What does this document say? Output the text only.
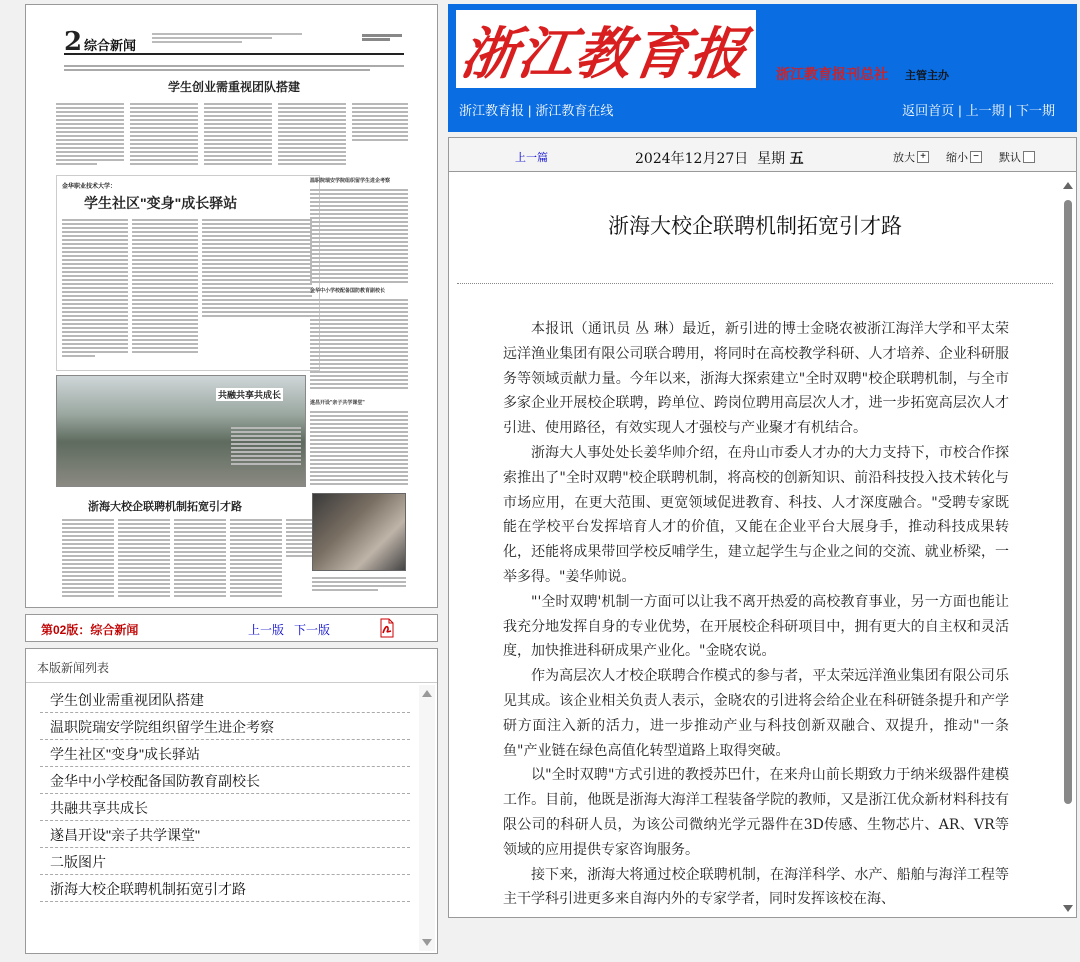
2 综合新闻
学生创业需重视团队搭建
金华职业技术大学：
学生社区"变身"成长驿站
温职院瑞安学院组织留学生进企考察
金华中小学校配备国防教育副校长
遂昌开设"亲子共学课堂"
共融共享共成长
浙海大校企联聘机制拓宽引才路
第02版：综合新闻	上一版 下一版
本版新闻列表
学生创业需重视团队搭建
温职院瑞安学院组织留学生进企考察
学生社区"变身"成长驿站
金华中小学校配备国防教育副校长
共融共享共成长
遂昌开设"亲子共学课堂"
二版图片
浙海大校企联聘机制拓宽引才路
浙江教育报 浙江教育报刊总社 主管主办
浙江教育报 | 浙江教育在线	返回首页 | 上一期 | 下一期
上一篇	2024年12月27日  星期 五	放大 + 缩小 − 默认
浙海大校企联聘机制拓宽引才路

本报讯（通讯员 丛 琳）最近，新引进的博士金晓农被浙江海洋大学和平太荣远洋渔业集团有限公司联合聘用，将同时在高校教学科研、人才培养、企业科研服务等领域贡献力量。今年以来，浙海大探索建立"全时双聘"校企联聘机制，与全市多家企业开展校企联聘，跨单位、跨岗位聘用高层次人才，进一步拓宽高层次人才引进、使用路径，有效实现人才强校与产业聚才有机结合。

浙海大人事处处长姜华帅介绍，在舟山市委人才办的大力支持下，市校合作探索推出了"全时双聘"校企联聘机制，将高校的创新知识、前沿科技投入技术转化与市场应用，在更大范围、更宽领域促进教育、科技、人才深度融合。"受聘专家既能在学校平台发挥培育人才的价值，又能在企业平台大展身手，推动科技成果转化，还能将成果带回学校反哺学生，建立起学生与企业之间的交流、就业桥梁，一举多得。"姜华帅说。

"'全时双聘'机制一方面可以让我不离开热爱的高校教育事业，另一方面也能让我充分地发挥自身的专业优势，在开展校企科研项目中，拥有更大的自主权和灵活度，加快推进科研成果产业化。"金晓农说。

作为高层次人才校企联聘合作模式的参与者，平太荣远洋渔业集团有限公司乐见其成。该企业相关负责人表示，金晓农的引进将会给企业在科研链条提升和产学研方面注入新的活力，进一步推动产业与科技创新双融合、双提升，推动"一条鱼"产业链在绿色高值化转型道路上取得突破。

以"全时双聘"方式引进的教授苏巴什，在来舟山前长期致力于纳米级器件建模工作。目前，他既是浙海大海洋工程装备学院的教师，又是浙江优众新材料科技有限公司的科研人员，为该公司微纳光学元器件在3D传感、生物芯片、AR、VR等领域的应用提供专家咨询服务。

接下来，浙海大将通过校企联聘机制，在海洋科学、水产、船舶与海洋工程等主干学科引进更多来自海内外的专家学者，同时发挥该校在海、
